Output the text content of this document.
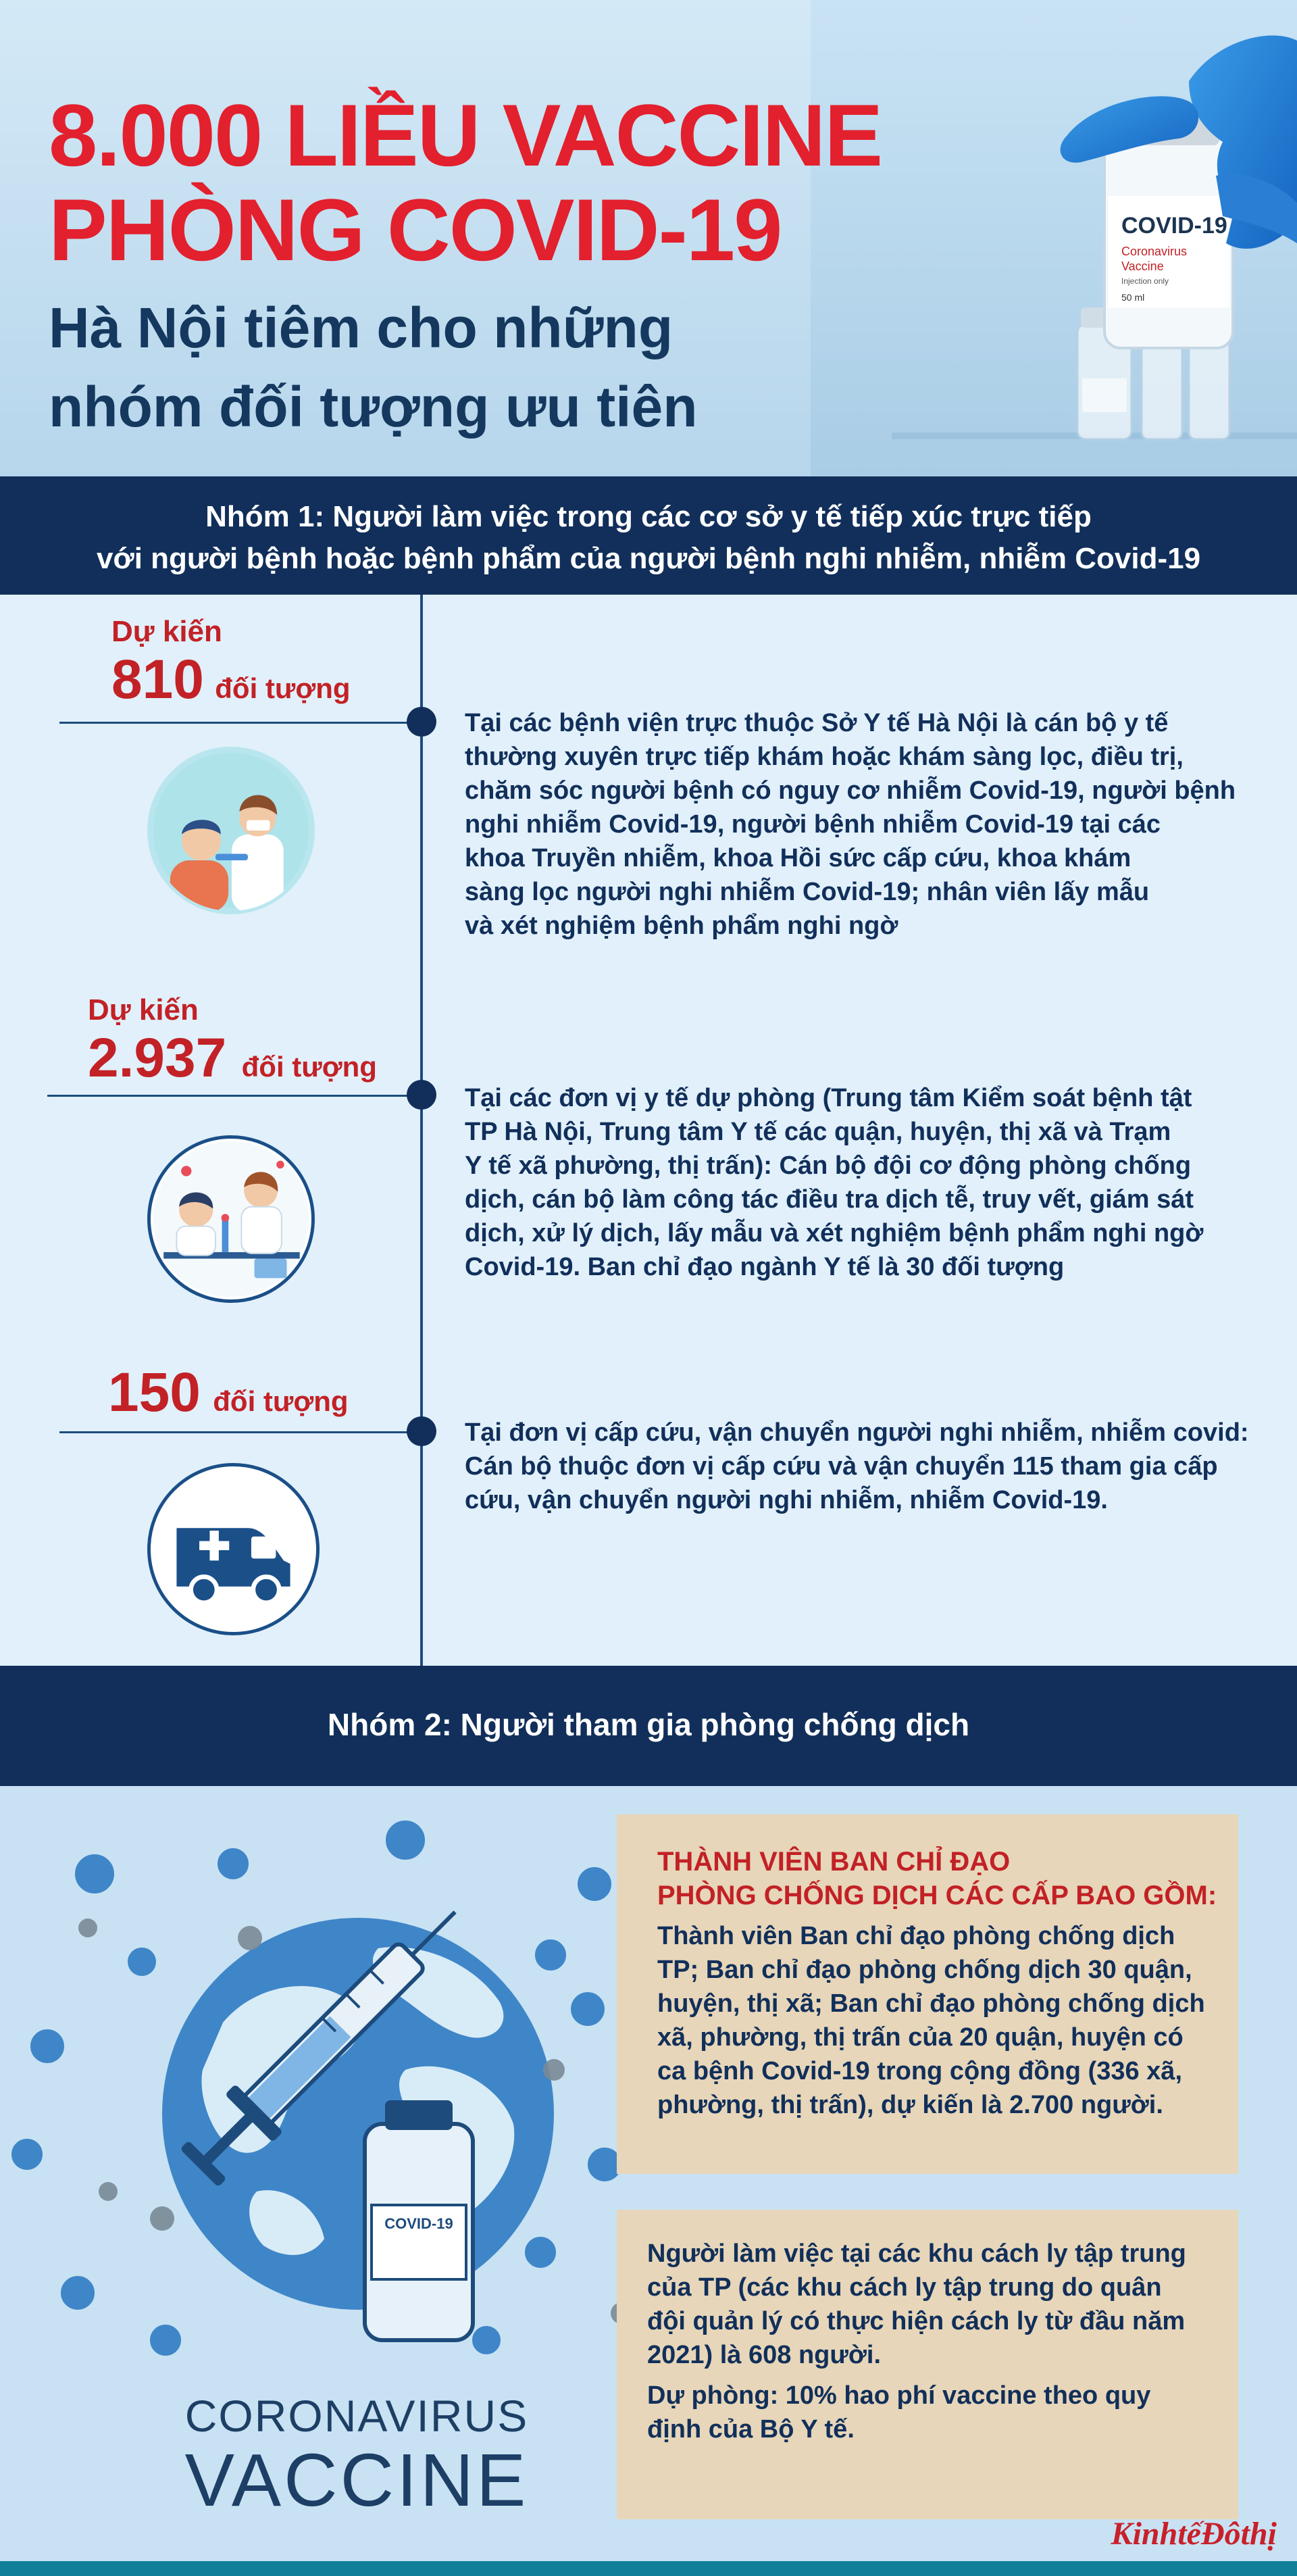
COVID-19
Coronavirus
Vaccine
Injection only
50 ml
8.000 LIỀU VACCINE
PHÒNG COVID-19
Hà Nội tiêm cho những
nhóm đối tượng ưu tiên
Nhóm 1: Người làm việc trong các cơ sở y tế tiếp xúc trực tiếp
với người bệnh hoặc bệnh phẩm của người bệnh nghi nhiễm, nhiễm Covid-19
Dự kiến
810 đối tượng
Tại các bệnh viện trực thuộc Sở Y tế Hà Nội là cán bộ y tế
thường xuyên trực tiếp khám hoặc khám sàng lọc, điều trị,
chăm sóc người bệnh có nguy cơ nhiễm Covid-19, người bệnh
nghi nhiễm Covid-19, người bệnh nhiễm Covid-19 tại các
khoa Truyền nhiễm, khoa Hồi sức cấp cứu, khoa khám
sàng lọc người nghi nhiễm Covid-19; nhân viên lấy mẫu
và xét nghiệm bệnh phẩm nghi ngờ
Dự kiến
2.937 đối tượng
Tại các đơn vị y tế dự phòng (Trung tâm Kiểm soát bệnh tật
TP Hà Nội, Trung tâm Y tế các quận, huyện, thị xã và Trạm
Y tế xã phường, thị trấn): Cán bộ đội cơ động phòng chống
dịch, cán bộ làm công tác điều tra dịch tễ, truy vết, giám sát
dịch, xử lý dịch, lấy mẫu và xét nghiệm bệnh phẩm nghi ngờ
Covid-19. Ban chỉ đạo ngành Y tế là 30 đối tượng
150 đối tượng
Tại đơn vị cấp cứu, vận chuyển người nghi nhiễm, nhiễm covid:
Cán bộ thuộc đơn vị cấp cứu và vận chuyển 115 tham gia cấp
cứu, vận chuyển người nghi nhiễm, nhiễm Covid-19.
Nhóm 2: Người tham gia phòng chống dịch
COVID-19
CORONAVIRUS
VACCINE
THÀNH VIÊN BAN CHỈ ĐẠO
PHÒNG CHỐNG DỊCH CÁC CẤP BAO GỒM:
Thành viên Ban chỉ đạo phòng chống dịch
TP; Ban chỉ đạo phòng chống dịch 30 quận,
huyện, thị xã; Ban chỉ đạo phòng chống dịch
xã, phường, thị trấn của 20 quận, huyện có
ca bệnh Covid-19 trong cộng đồng (336 xã,
phường, thị trấn), dự kiến là 2.700 người.
Người làm việc tại các khu cách ly tập trung
của TP (các khu cách ly tập trung do quân
đội quản lý có thực hiện cách ly từ đầu năm
2021) là 608 người.
Dự phòng: 10% hao phí vaccine theo quy
định của Bộ Y tế.
KinhtếĐôthị
